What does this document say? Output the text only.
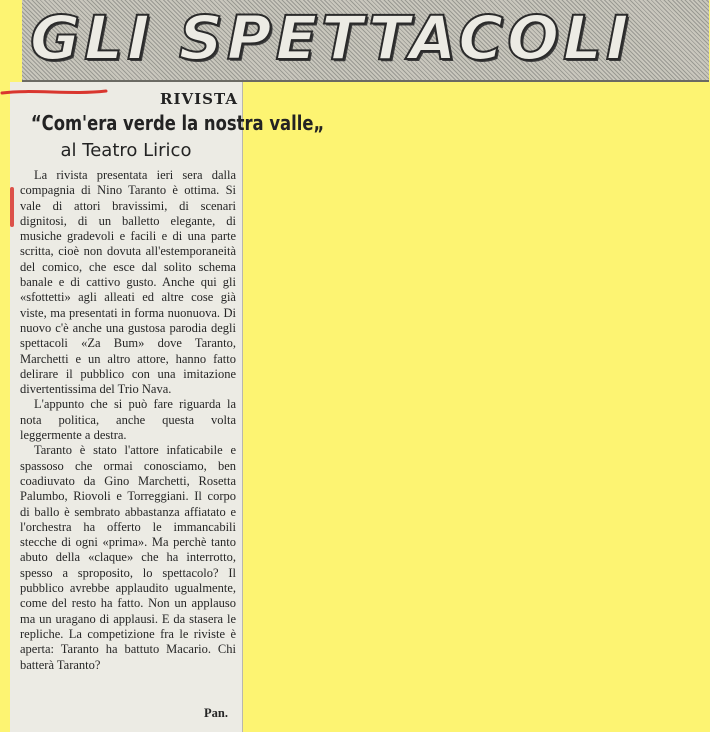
GLI SPETTACOLI
RIVISTA
“Com'era verde la nostra valle„
al Teatro Lirico

La rivista presentata ieri sera dalla compagnia di Nino Taranto è ottima. Si vale di attori bravissimi, di scenari dignitosi, di un balletto elegante, di musiche gradevoli e facili e di una parte scritta, cioè non dovuta all'estemporaneità del comico, che esce dal solito schema banale e di cattivo gusto. Anche qui gli «sfottetti» agli alleati ed altre cose già viste, ma presentati in forma nuonuova. Di nuovo c'è anche una gustosa parodia degli spettacoli «Za Bum» dove Taranto, Marchetti e un altro attore, hanno fatto delirare il pubblico con una imitazione divertentissima del Trio Nava.

L'appunto che si può fare riguarda la nota politica, anche questa volta leggermente a destra.

Taranto è stato l'attore infaticabile e spassoso che ormai conosciamo, ben coadiuvato da Gino Marchetti, Rosetta Palumbo, Riovoli e Torreggiani. Il corpo di ballo è sembrato abbastanza affiatato e l'orchestra ha offerto le immancabili stecche di ogni «prima». Ma perchè tanto abuto della «claque» che ha interrotto, spesso a sproposito, lo spettacolo? Il pubblico avrebbe applaudito ugualmente, come del resto ha fatto. Non un applauso ma un uragano di applausi. E da stasera le repliche. La competizione fra le riviste è aperta: Taranto ha battuto Macario. Chi batterà Taranto?

Pan.
